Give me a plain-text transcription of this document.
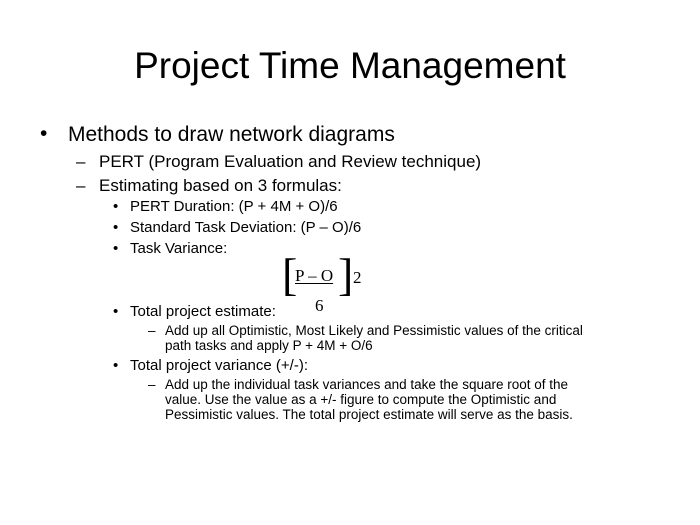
Project Time Management
• Methods to draw network diagrams
– PERT (Program Evaluation and Review technique)
– Estimating based on 3 formulas:
• PERT Duration: (P + 4M + O)/6
• Standard Task Deviation: (P – O)/6
• Task Variance:
[
P – O ] 2
6
• Total project estimate:
– Add up all Optimistic, Most Likely and Pessimistic values of the critical
path tasks and apply P + 4M + O/6
• Total project variance (+/-):
– Add up the individual task variances and take the square root of the
value. Use the value as a +/- figure to compute the Optimistic and
Pessimistic values. The total project estimate will serve as the basis.
